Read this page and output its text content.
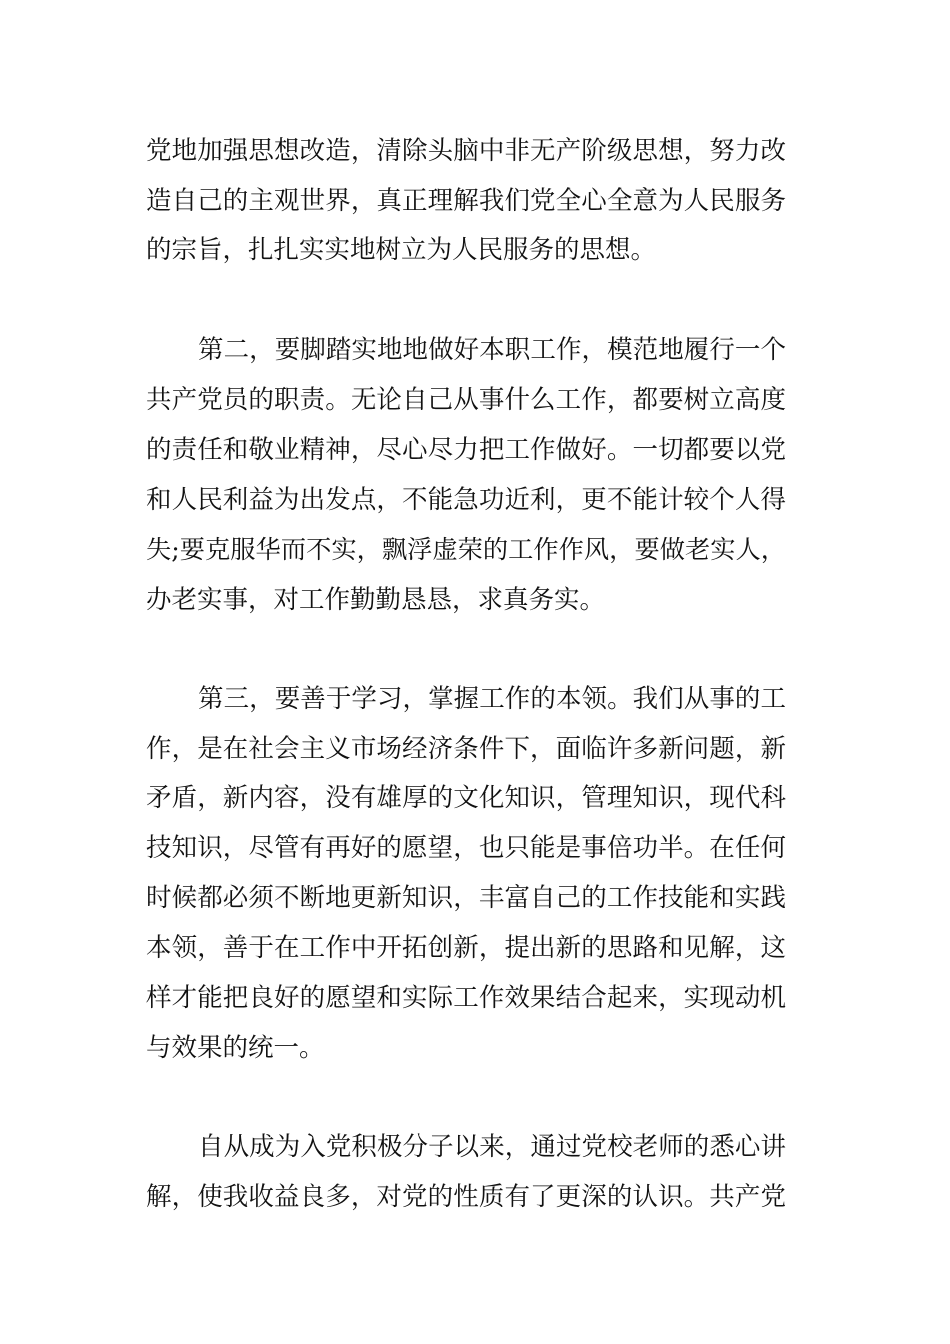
党地加强思想改造，清除头脑中非无产阶级思想，努力改
造自己的主观世界，真正理解我们党全心全意为人民服务
的宗旨，扎扎实实地树立为人民服务的思想。
第二，要脚踏实地地做好本职工作，模范地履行一个
共产党员的职责。无论自己从事什么工作，都要树立高度
的责任和敬业精神，尽心尽力把工作做好。一切都要以党
和人民利益为出发点，不能急功近利，更不能计较个人得
失;要克服华而不实，飘浮虚荣的工作作风，要做老实人，
办老实事，对工作勤勤恳恳，求真务实。
第三，要善于学习，掌握工作的本领。我们从事的工
作，是在社会主义市场经济条件下，面临许多新问题，新
矛盾，新内容，没有雄厚的文化知识，管理知识，现代科
技知识，尽管有再好的愿望，也只能是事倍功半。在任何
时候都必须不断地更新知识，丰富自己的工作技能和实践
本领，善于在工作中开拓创新，提出新的思路和见解，这
样才能把良好的愿望和实际工作效果结合起来，实现动机
与效果的统一。
自从成为入党积极分子以来，通过党校老师的悉心讲
解，使我收益良多，对党的性质有了更深的认识。共产党
